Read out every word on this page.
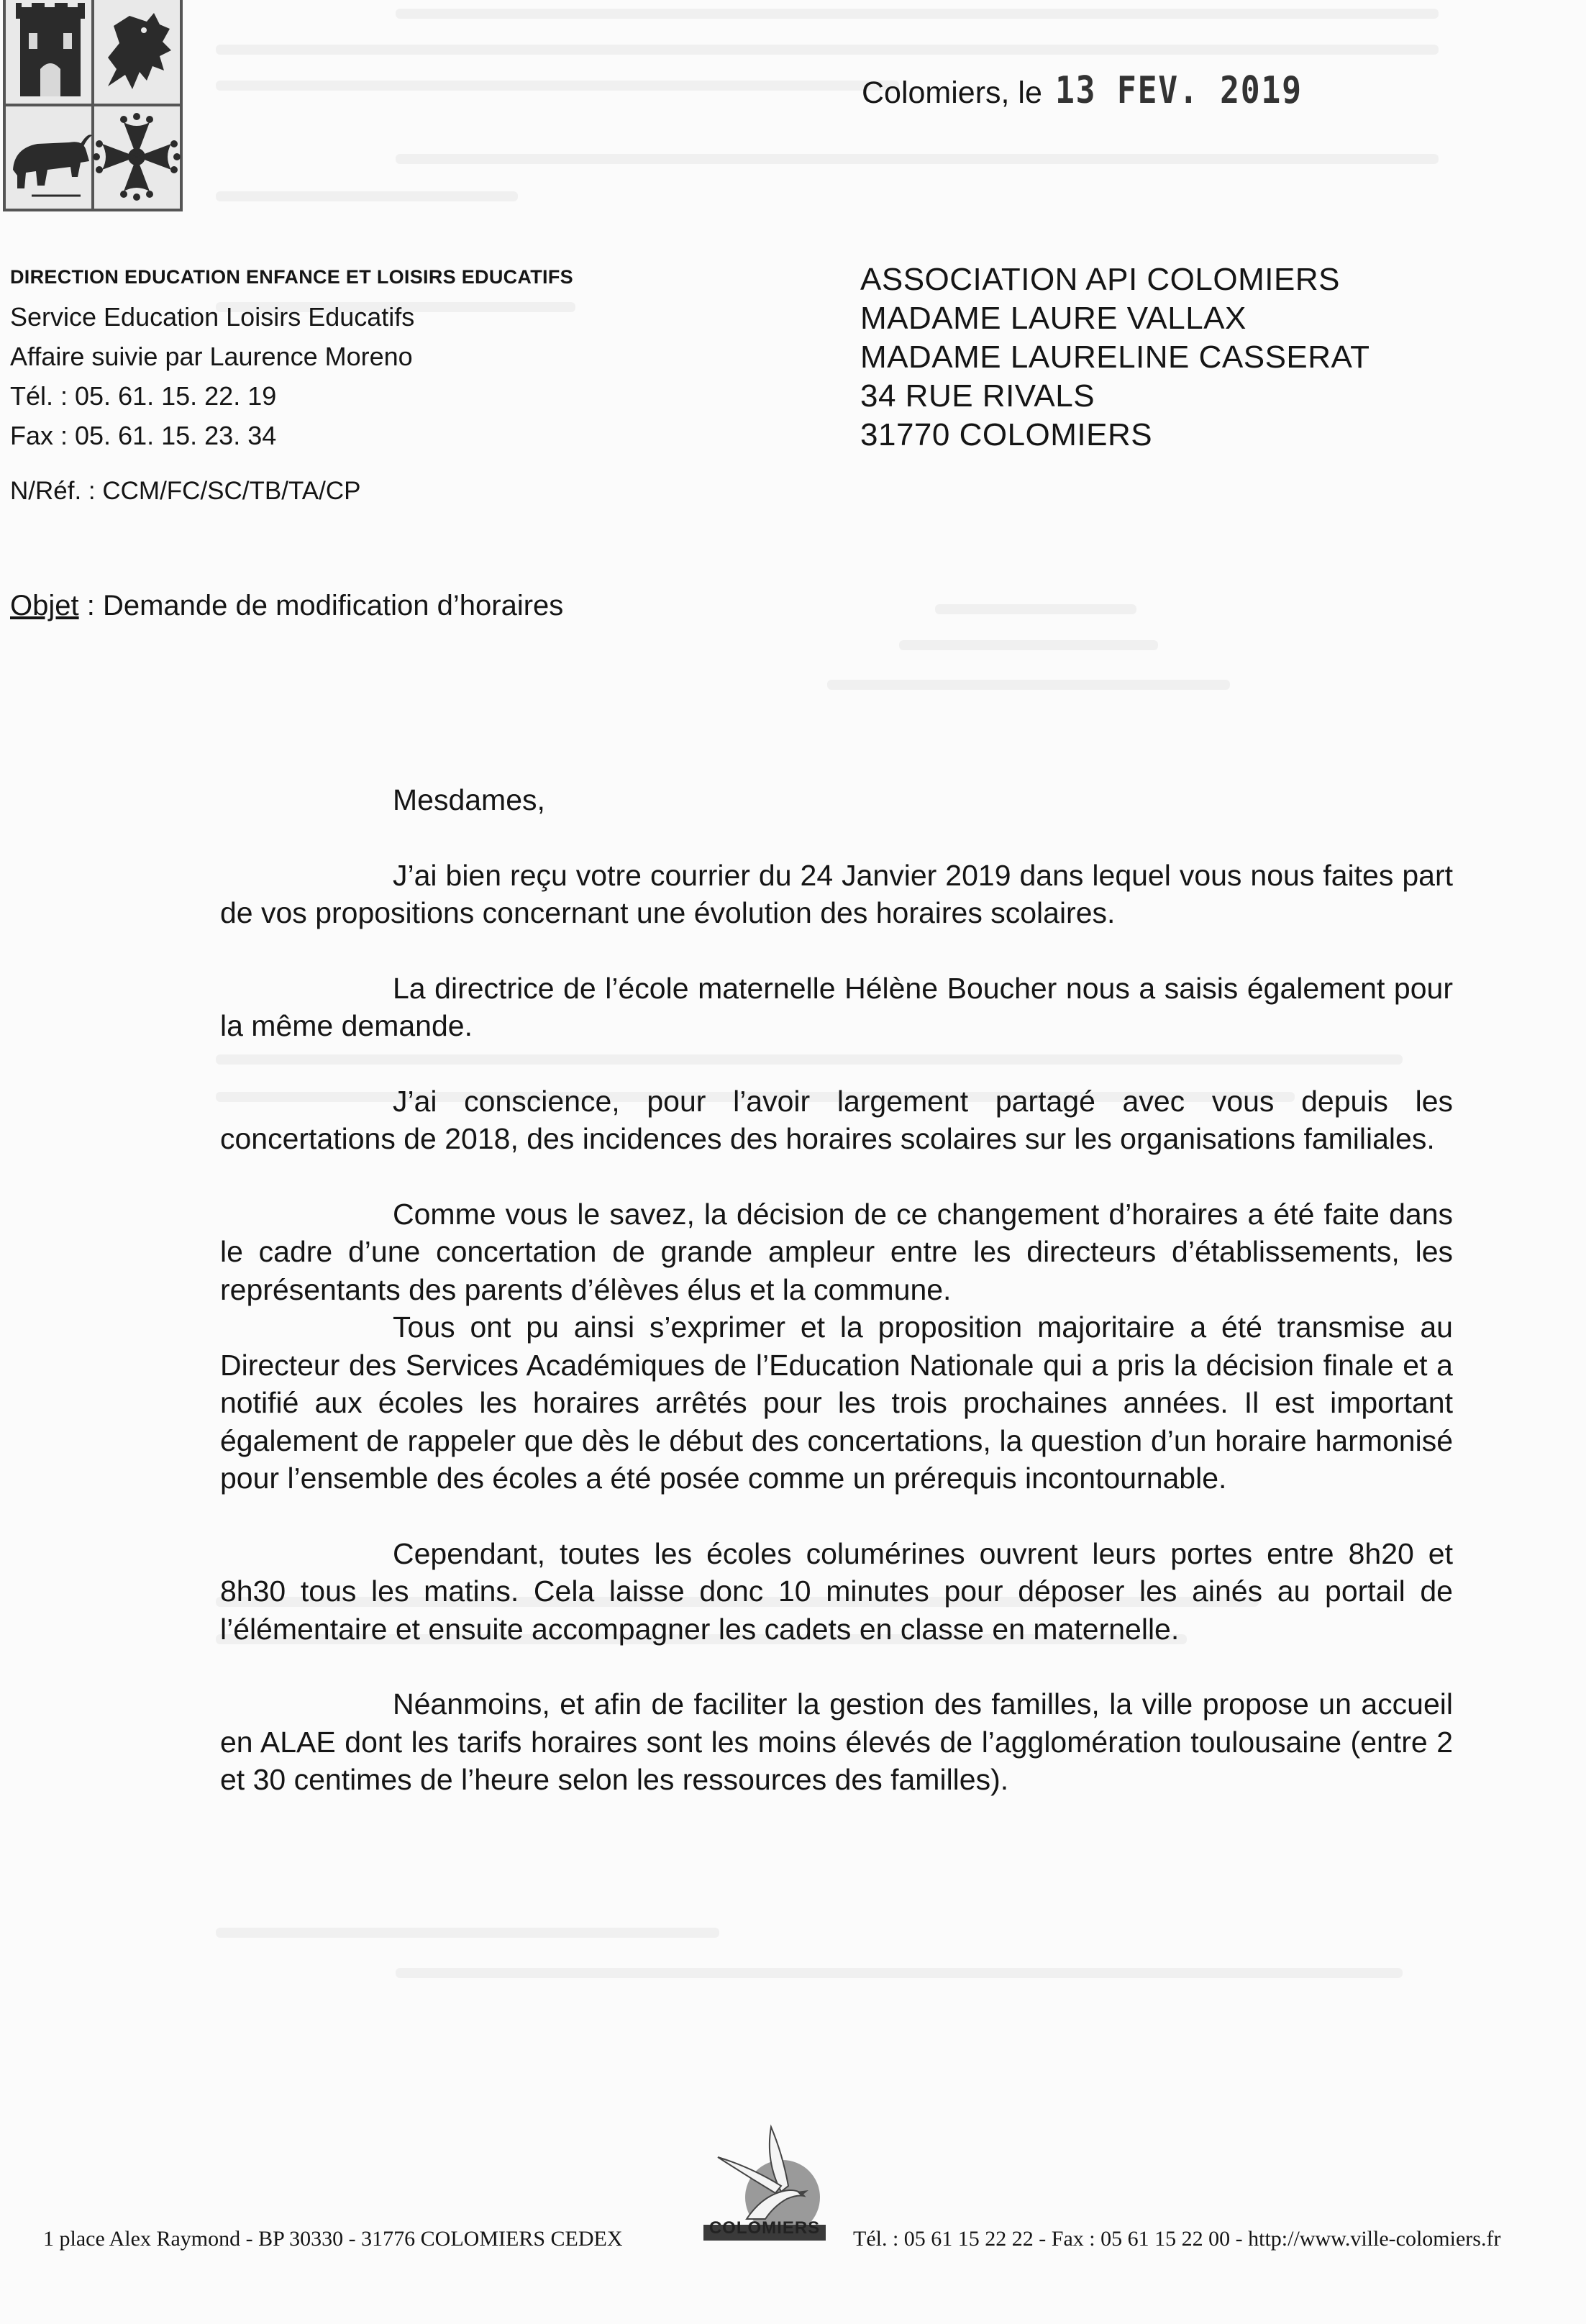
Colomiers, le 13 FEV. 2019
DIRECTION EDUCATION ENFANCE ET LOISIRS EDUCATIFS
Service Education Loisirs Educatifs
Affaire suivie par Laurence Moreno
Tél. : 05. 61. 15. 22. 19
Fax : 05. 61. 15. 23. 34
N/Réf. : CCM/FC/SC/TB/TA/CP
ASSOCIATION API COLOMIERS
MADAME LAURE VALLAX
MADAME LAURELINE CASSERAT
34 RUE RIVALS
31770 COLOMIERS
Objet : Demande de modification d’horaires

Mesdames,

J’ai bien reçu votre courrier du 24 Janvier 2019 dans lequel vous nous faites part de vos propositions concernant une évolution des horaires scolaires.

La directrice de l’école maternelle Hélène Boucher nous a saisis également pour la même demande.

J’ai conscience, pour l’avoir largement partagé avec vous depuis les concertations de 2018, des incidences des horaires scolaires sur les organisations familiales.

Comme vous le savez, la décision de ce changement d’horaires a été faite dans le cadre d’une concertation de grande ampleur entre les directeurs d’établissements, les représentants des parents d’élèves élus et la commune.

Tous ont pu ainsi s’exprimer et la proposition majoritaire a été transmise au Directeur des Services Académiques de l’Education Nationale qui a pris la décision finale et a notifié aux écoles les horaires arrêtés pour les trois prochaines années. Il est important également de rappeler que dès le début des concertations, la question d’un horaire harmonisé pour l’ensemble des écoles a été posée comme un prérequis incontournable.

Cependant, toutes les écoles columérines ouvrent leurs portes entre 8h20 et 8h30 tous les matins. Cela laisse donc 10 minutes pour déposer les ainés au portail de l’élémentaire et ensuite accompagner les cadets en classe en maternelle.

Néanmoins, et afin de faciliter la gestion des familles, la ville propose un accueil en ALAE dont les tarifs horaires sont les moins élevés de l’agglomération toulousaine (entre 2 et 30 centimes de l’heure selon les ressources des familles).

COLOMIERS
1 place Alex Raymond - BP 30330 - 31776 COLOMIERS CEDEX	Tél. : 05 61 15 22 22 - Fax : 05 61 15 22 00 - http://www.ville-colomiers.fr
